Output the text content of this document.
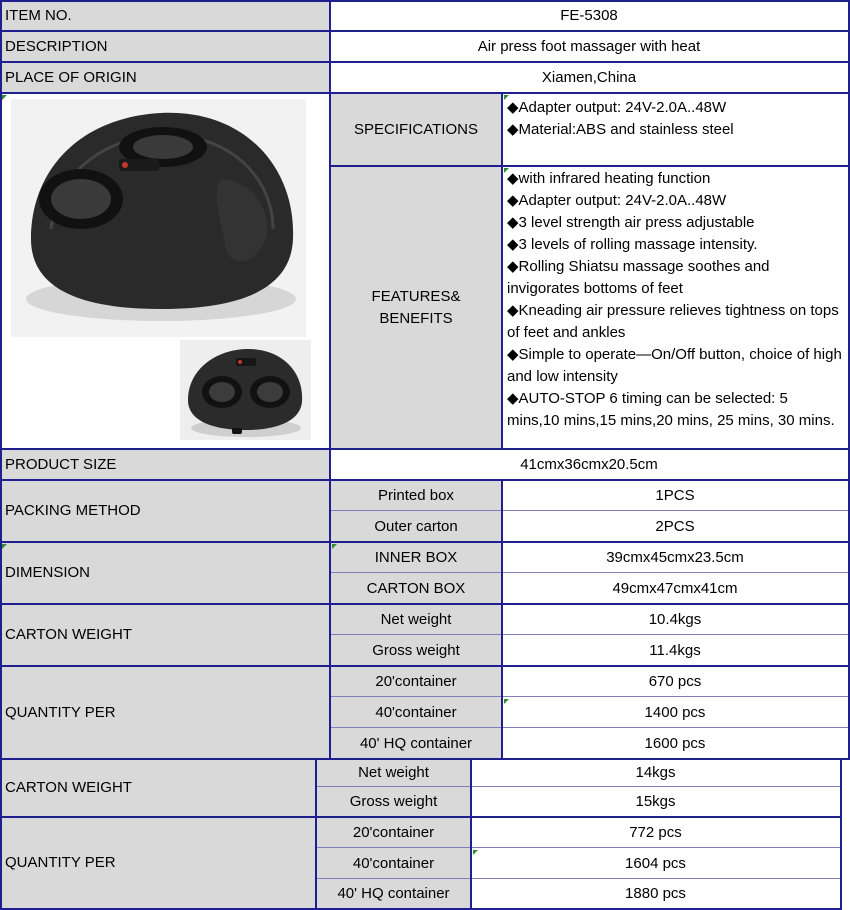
ITEM NO.	FE-5308
DESCRIPTION	Air press foot massager with heat
PLACE OF ORIGIN	Xiamen,China
SPECIFICATIONS
◆Adapter output: 24V-2.0A..48W
◆Material:ABS and stainless steel
FEATURES&
BENEFITS
◆with infrared heating function
◆Adapter output: 24V-2.0A..48W
◆3 level strength air press adjustable
◆3 levels of rolling massage intensity.
◆Rolling Shiatsu massage soothes and invigorates bottoms of feet
◆Kneading air pressure relieves tightness on tops of feet and ankles
◆Simple to operate—On/Off button, choice of high and low intensity
◆AUTO-STOP 6 timing can be selected: 5 mins,10 mins,15 mins,20 mins, 25 mins, 30 mins.
PRODUCT SIZE	41cmx36cmx20.5cm
PACKING METHOD
Printed box	1PCS
Outer carton	2PCS
DIMENSION
INNER BOX	39cmx45cmx23.5cm
CARTON BOX	49cmx47cmx41cm
CARTON WEIGHT
Net weight	10.4kgs
Gross weight	11.4kgs
QUANTITY PER
20'container	670 pcs
40'container	1400 pcs
40' HQ container	1600 pcs
CARTON WEIGHT
Net weight	14kgs
Gross weight	15kgs
QUANTITY PER
20'container	772 pcs
40'container	1604 pcs
40' HQ container	1880 pcs
